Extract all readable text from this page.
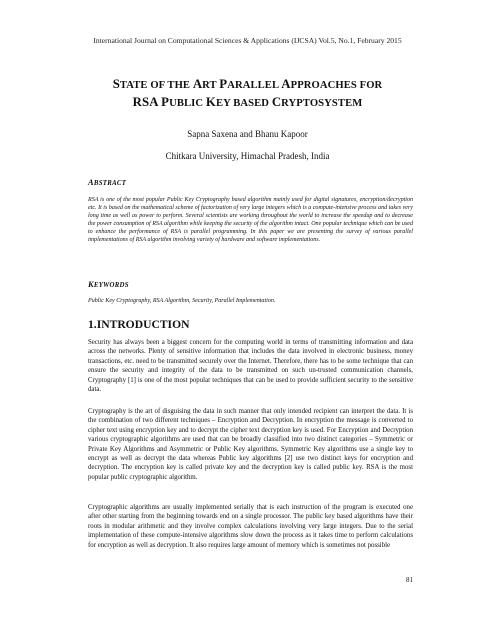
International Journal on Computational Sciences & Applications (IJCSA) Vol.5, No.1, February 2015
STATE OF THE ART PARALLEL APPROACHES FOR
RSA PUBLIC KEY BASED CRYPTOSYSTEM
Sapna Saxena and Bhanu Kapoor
Chitkara University, Himachal Pradesh, India
ABSTRACT

RSA is one of the most popular Public Key Cryptography based algorithm mainly used for digital signatures, encryption/decryption etc. It is based on the mathematical scheme of factorization of very large integers which is a compute-intensive process and takes very long time as well as power to perform. Several scientists are working throughout the world to increase the speedup and to decrease the power consumption of RSA algorithm while keeping the security of the algorithm intact. One popular technique which can be used to enhance the performance of RSA is parallel programming. In this paper we are presenting the survey of various parallel implementations of RSA algorithm involving variety of hardware and software implementations.

KEYWORDS

Public Key Cryptography, RSA Algorithm, Security, Parallel Implementation.

1.INTRODUCTION

Security has always been a biggest concern for the computing world in terms of transmitting information and data across the networks. Plenty of sensitive information that includes the data involved in electronic business, money transactions, etc. need to be transmitted securely over the Internet. Therefore, there has to be some technique that can ensure the security and integrity of the data to be transmitted on such un-trusted communication channels, Cryptography [1] is one of the most popular techniques that can be used to provide sufficient security to the sensitive data.

Cryptography is the art of disguising the data in such manner that only intended recipient can interpret the data. It is the combination of two different techniques – Encryption and Decryption. In encryption the message is converted to cipher text using encryption key and to decrypt the cipher text decryption key is used. For Encryption and Decryption various cryptographic algorithms are used that can be broadly classified into two distinct categories – Symmetric or Private Key Algorithms and Asymmetric or Public Key algorithms. Symmetric Key algorithms use a single key to encrypt as well as decrypt the data whereas Public key algorithms [2] use two distinct keys for encryption and decryption. The encryption key is called private key and the decryption key is called public key. RSA is the most popular public cryptographic algorithm.

Cryptographic algorithms are usually implemented serially that is each instruction of the program is executed one after other starting from the beginning towards end on a single processor. The public key based algorithms have their roots in modular arithmetic and they involve complex calculations involving very large integers. Due to the serial implementation of these compute-intensive algorithms slow down the process as it takes time to perform calculations for encryption as well as decryption. It also requires large amount of memory which is sometimes not possible

81
